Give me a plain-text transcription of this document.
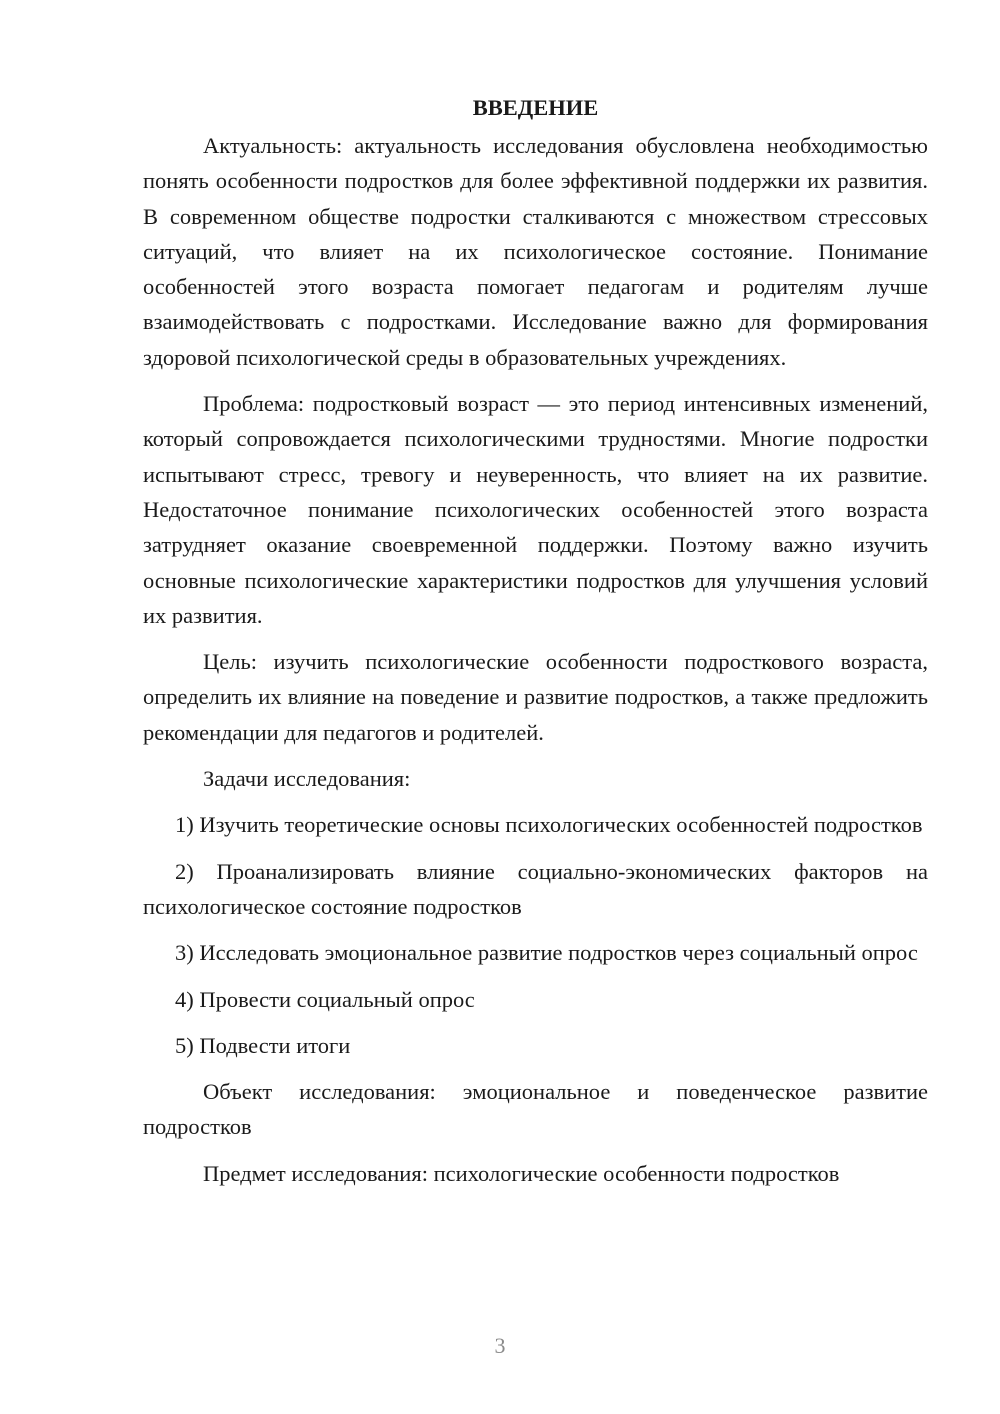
ВВЕДЕНИЕ

Актуальность: актуальность исследования обусловлена необходимостью понять особенности подростков для более эффективной поддержки их развития. В современном обществе подростки сталкиваются с множеством стрессовых ситуаций, что влияет на их психологическое состояние. Понимание особенностей этого возраста помогает педагогам и родителям лучше взаимодействовать с подростками. Исследование важно для формирования здоровой психологической среды в образовательных учреждениях.

Проблема: подростковый возраст — это период интенсивных изменений, который сопровождается психологическими трудностями. Многие подростки испытывают стресс, тревогу и неуверенность, что влияет на их развитие. Недостаточное понимание психологических особенностей этого возраста затрудняет оказание своевременной поддержки. Поэтому важно изучить основные психологические характеристики подростков для улучшения условий их развития.

Цель: изучить психологические особенности подросткового возраста, определить их влияние на поведение и развитие подростков, а также предложить рекомендации для педагогов и родителей.

Задачи исследования:

1) Изучить теоретические основы психологических особенностей подростков

2) Проанализировать влияние социально-экономических факторов на психологическое состояние подростков

3) Исследовать эмоциональное развитие подростков через социальный опрос

4) Провести социальный опрос

5) Подвести итоги

Объект исследования: эмоциональное и поведенческое развитие подростков

Предмет исследования: психологические особенности подростков

3
